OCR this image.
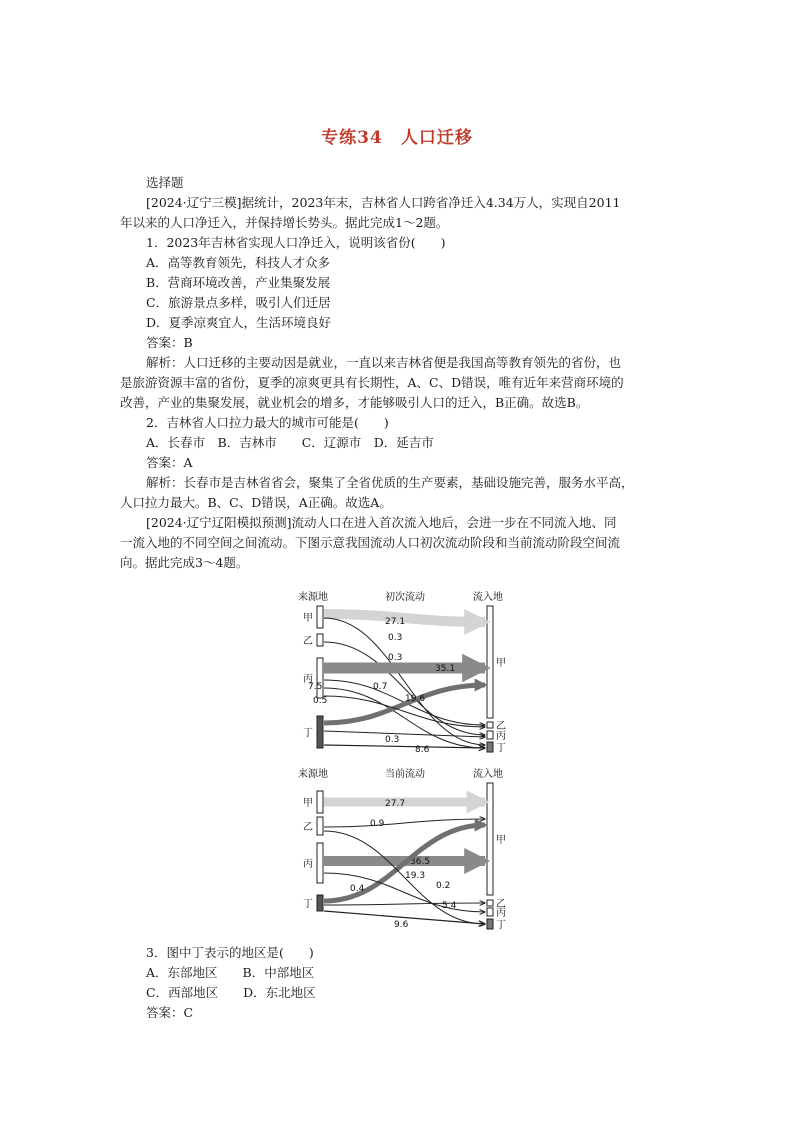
专练34　人口迁移
选择题
[2024·辽宁三模]据统计，2023年末，吉林省人口跨省净迁入4.34万人，实现自2011
年以来的人口净迁入，并保持增长势头。据此完成1～2题。
1．2023年吉林省实现人口净迁入，说明该省份(　　)
A．高等教育领先，科技人才众多
B．营商环境改善，产业集聚发展
C．旅游景点多样，吸引人们迁居
D．夏季凉爽宜人，生活环境良好
答案：B
解析：人口迁移的主要动因是就业，一直以来吉林省便是我国高等教育领先的省份，也
是旅游资源丰富的省份，夏季的凉爽更具有长期性，A、C、D错误，唯有近年来营商环境的
改善，产业的集聚发展，就业机会的增多，才能够吸引人口的迁入，B正确。故选B。
2．吉林省人口拉力最大的城市可能是(　　)
A．长春市　B．吉林市　　C．辽源市　D．延吉市
答案：A
解析：长春市是吉林省省会，聚集了全省优质的生产要素，基础设施完善，服务水平高，
人口拉力最大。B、C、D错误，A正确。故选A。
[2024·辽宁辽阳模拟预测]流动人口在进入首次流入地后，会进一步在不同流入地、同
一流入地的不同空间之间流动。下图示意我国流动人口初次流动阶段和当前流动阶段空间流
向。据此完成3～4题。
来源地	初次流动	流入地
甲
乙
丙
丁
甲
乙
丙
丁
27.1
0.3
0.3
35.1
7.5	0.7
19.6
0.5
0.3
8.6
来源地	当前流动	流入地
甲
乙
丙
丁
甲
乙
丙
丁
27.7
0.9
36.5
19.3
0.2
0.4
5.4
9.6
3．图中丁表示的地区是(　　)
A．东部地区　　B．中部地区
C．西部地区　　D．东北地区
答案：C
